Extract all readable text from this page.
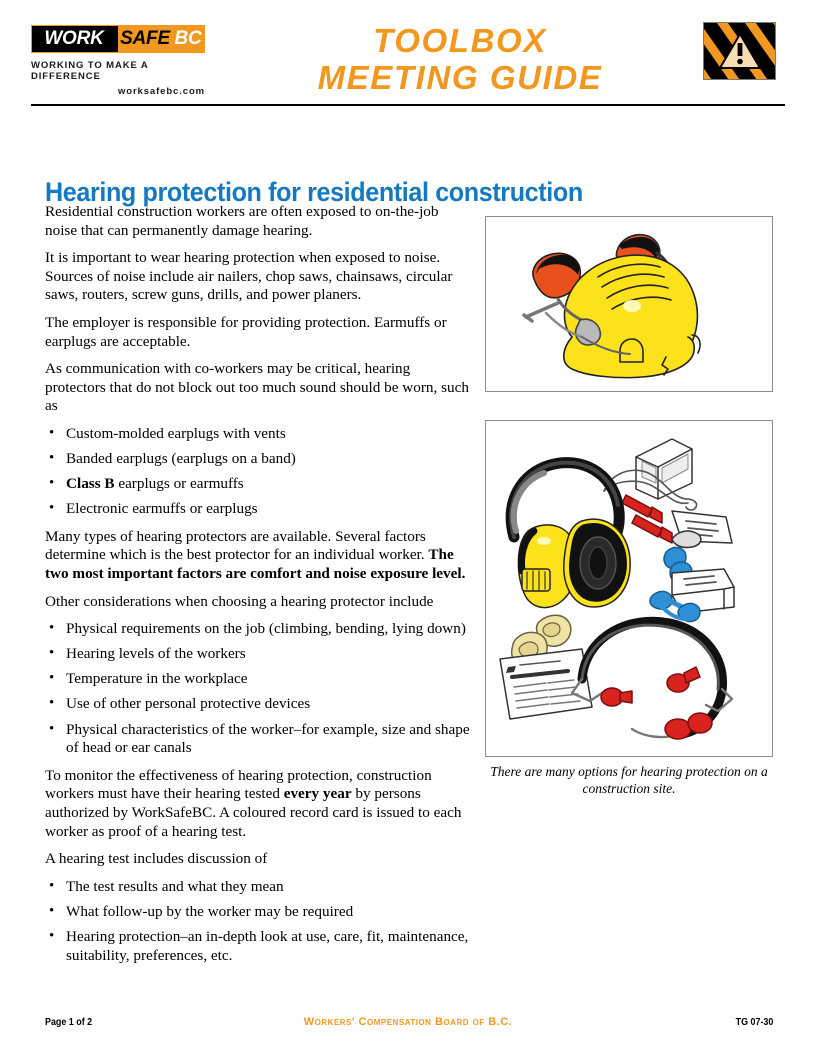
WORK SAFE BC
WORKING TO MAKE A DIFFERENCE
worksafebc.com
TOOLBOX
MEETING GUIDE
Hearing protection for residential construction

Residential construction workers are often exposed to on-the-job noise that can permanently damage hearing.

It is important to wear hearing protection when exposed to noise. Sources of noise include air nailers, chop saws, chainsaws, circular saws, routers, screw guns, drills, and power planers.

The employer is responsible for providing protection. Earmuffs or earplugs are acceptable.

As communication with co-workers may be critical, hearing protectors that do not block out too much sound should be worn, such as

• Custom-molded earplugs with vents
• Banded earplugs (earplugs on a band)
• Class B earplugs or earmuffs
• Electronic earmuffs or earplugs

Many types of hearing protectors are available. Several factors determine which is the best protector for an individual worker. The two most important factors are comfort and noise exposure level.

Other considerations when choosing a hearing protector include

• Physical requirements on the job (climbing, bending, lying down)
• Hearing levels of the workers
• Temperature in the workplace
• Use of other personal protective devices
• Physical characteristics of the worker–for example, size and shape of head or ear canals

To monitor the effectiveness of hearing protection, construction workers must have their hearing tested every year by persons authorized by WorkSafeBC. A coloured record card is issued to each worker as proof of a hearing test.

A hearing test includes discussion of

• The test results and what they mean
• What follow-up by the worker may be required
• Hearing protection–an in-depth look at use, care, fit, maintenance, suitability, preferences, etc.
There are many options for hearing protection on a construction site.
Page 1 of 2	Workers' Compensation Board of B.C.	TG 07-30
